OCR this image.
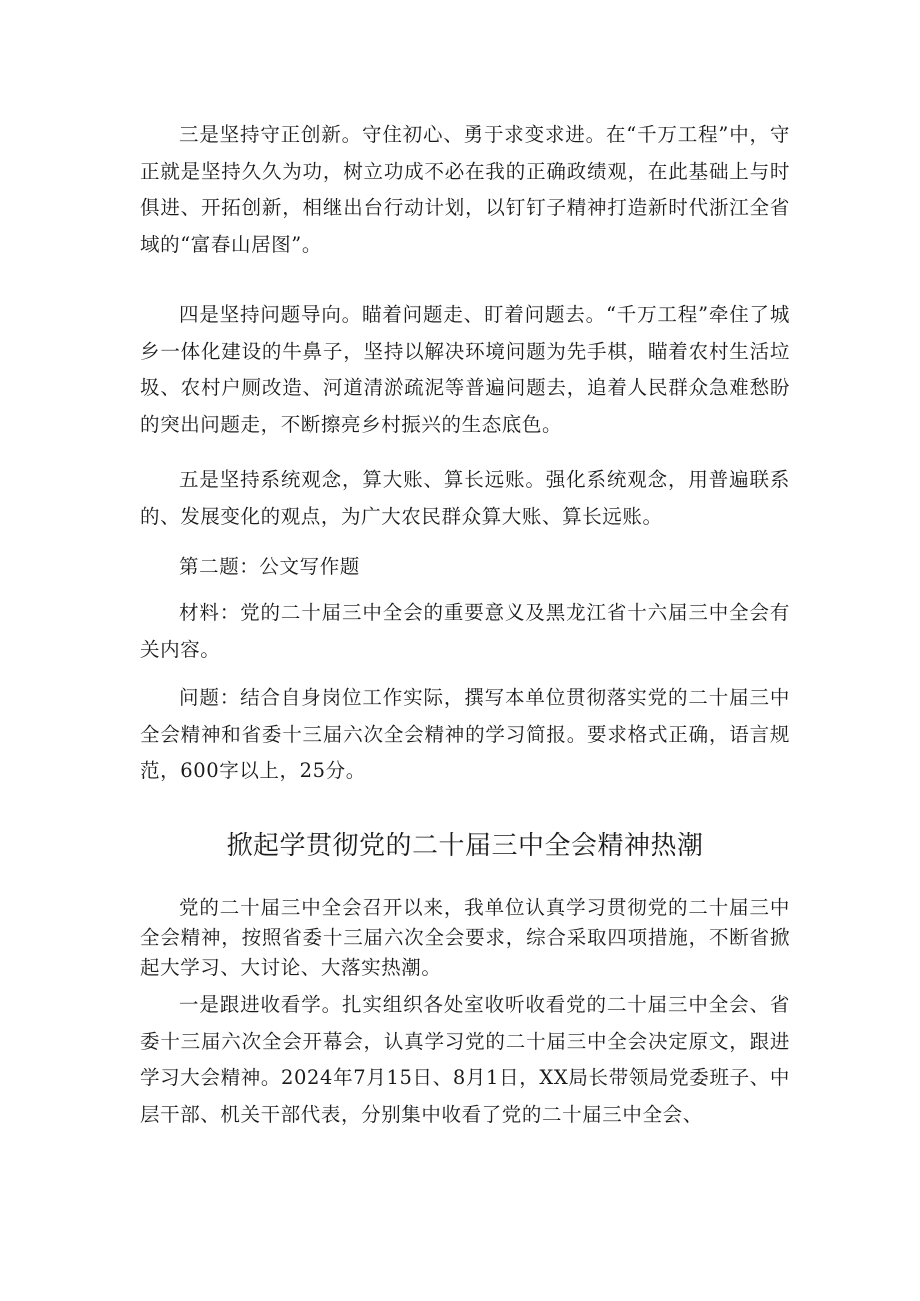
三是坚持守正创新。守住初心、勇于求变求进。在“千万工程”中，守正就是坚持久久为功，树立功成不必在我的正确政绩观，在此基础上与时俱进、开拓创新，相继出台行动计划，以钉钉子精神打造新时代浙江全省域的“富春山居图”。

四是坚持问题导向。瞄着问题走、盯着问题去。“千万工程”牵住了城乡一体化建设的牛鼻子，坚持以解决环境问题为先手棋，瞄着农村生活垃圾、农村户厕改造、河道清淤疏泥等普遍问题去，追着人民群众急难愁盼的突出问题走，不断擦亮乡村振兴的生态底色。

五是坚持系统观念，算大账、算长远账。强化系统观念，用普遍联系的、发展变化的观点，为广大农民群众算大账、算长远账。

第二题：公文写作题

材料：党的二十届三中全会的重要意义及黑龙江省十六届三中全会有关内容。

问题：结合自身岗位工作实际，撰写本单位贯彻落实党的二十届三中全会精神和省委十三届六次全会精神的学习简报。要求格式正确，语言规范，600字以上，25分。

掀起学贯彻党的二十届三中全会精神热潮

党的二十届三中全会召开以来，我单位认真学习贯彻党的二十届三中全会精神，按照省委十三届六次全会要求，综合采取四项措施，不断省掀起大学习、大讨论、大落实热潮。

一是跟进收看学。扎实组织各处室收听收看党的二十届三中全会、省委十三届六次全会开幕会，认真学习党的二十届三中全会决定原文，跟进学习大会精神。2024年7月15日、8月1日，XX局长带领局党委班子、中层干部、机关干部代表，分别集中收看了党的二十届三中全会、
